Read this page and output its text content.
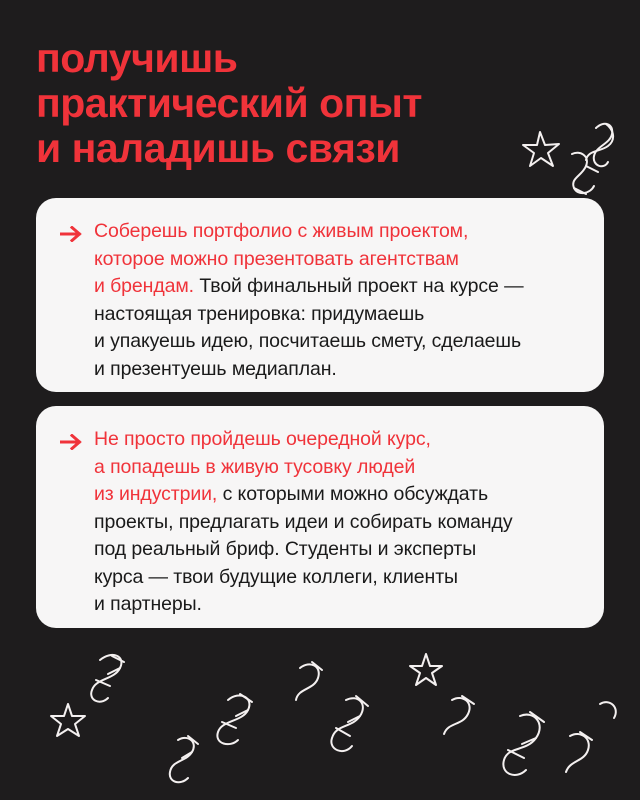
получишь
практический опыт
и наладишь связи

Соберешь портфолио с живым проектом,
которое можно презентовать агентствам
и брендам. Твой финальный проект на курсе —
настоящая тренировка: придумаешь
и упакуешь идею, посчитаешь смету, сделаешь
и презентуешь медиаплан.

Не просто пройдешь очередной курс,
а попадешь в живую тусовку людей
из индустрии, с которыми можно обсуждать
проекты, предлагать идеи и собирать команду
под реальный бриф. Студенты и эксперты
курса — твои будущие коллеги, клиенты
и партнеры.
